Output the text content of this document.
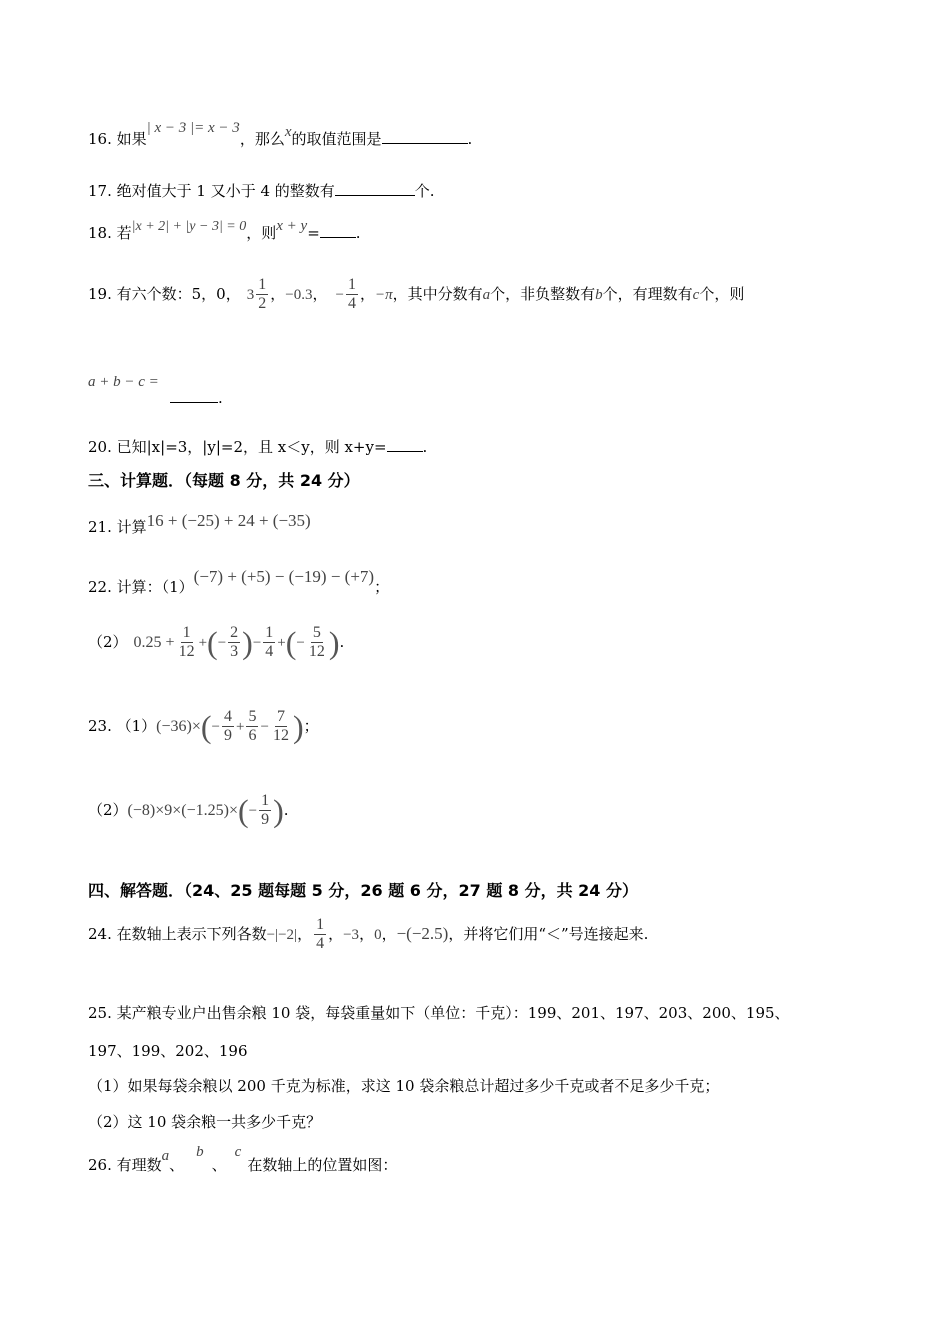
16. 如果| x − 3 |= x − 3，那么x的取值范围是	.
17. 绝对值大于 1 又小于 4 的整数有	个.
18. 若|x + 2| + |y − 3| = 0，则x + y= .
19. 有六个数：5，0， $3 \frac{1}{2}$ ，−0.3， − $\frac{1}{4}$ ，−π，其中分数有a个，非负整数有b个，有理数有c个，则
a + b − c =
.
20. 已知|x|=3，|y|=2，且 x＜y，则 x+y= .
三、计算题．（每题 8 分，共 24 分）
21. 计算16 + (−25) + 24 + (−35)
22. 计算：（1）(−7) + (+5) − (−19) − (+7)；
（2） $0.25 + \frac{1}{12}$ +(− $\frac{2}{3}$ )− $\frac{1}{4}$ +(− $\frac{5}{12}$ ).
23. $(1)(-36)\times(- \frac{4}{9} + \frac{5}{6} - \frac{7}{12}$ )；
$(2)(-8)\times 9\times(-1.25)\times(- \frac{1}{9}$ ).
四、解答题．（24、25 题每题 5 分，26 题 6 分，27 题 8 分，共 24 分）
24. 在数轴上表示下列各数−|−2|， $\frac{1}{4}$ ，−3，0，−(−2.5)，并将它们用“＜”号连接起来.
25. 某产粮专业户出售余粮 10 袋，每袋重量如下（单位：千克）：199、201、197、203、200、195、
197、199、202、196
（1）如果每袋余粮以 200 千克为标准，求这 10 袋余粮总计超过多少千克或者不足多少千克；
（2）这 10 袋余粮一共多少千克？
26. 有理数a、b、c在数轴上的位置如图：
